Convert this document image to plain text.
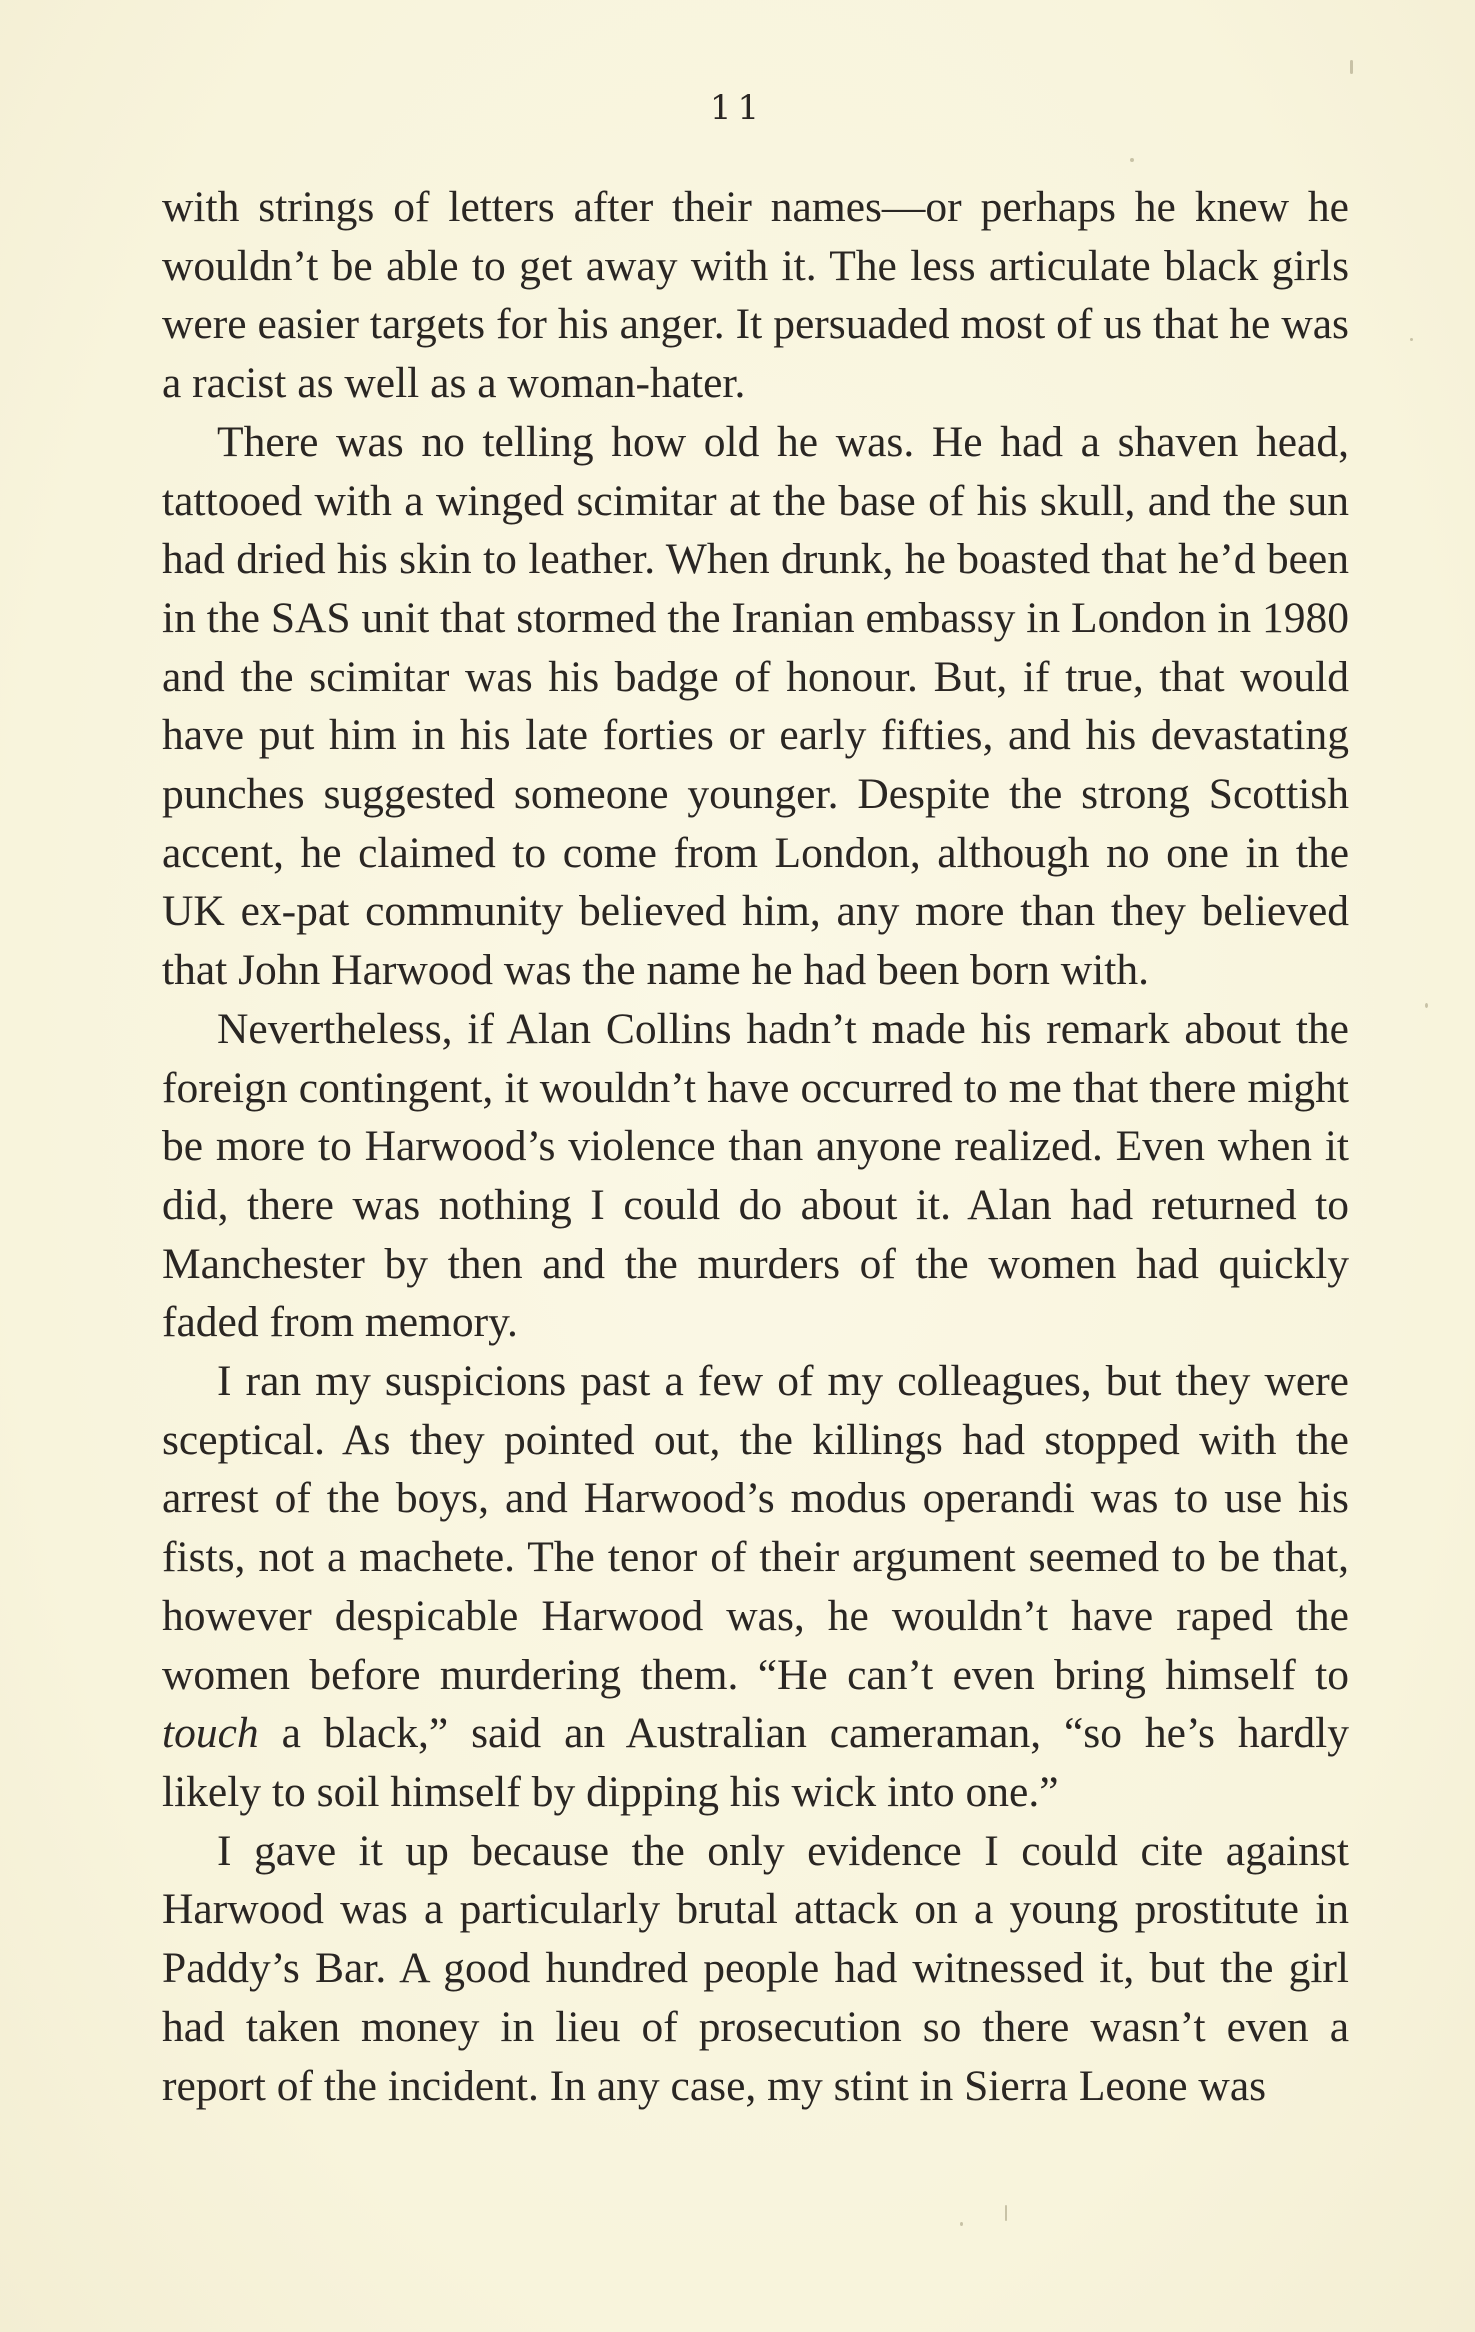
11

with strings of letters after their names—or perhaps he knew he wouldn’t be able to get away with it. The less articulate black girls were easier targets for his anger. It persuaded most of us that he was a racist as well as a woman-hater.

There was no telling how old he was. He had a shaven head, tattooed with a winged scimitar at the base of his skull, and the sun had dried his skin to leather. When drunk, he boasted that he’d been in the SAS unit that stormed the Iranian embassy in London in 1980 and the scimitar was his badge of honour. But, if true, that would have put him in his late forties or early fifties, and his devastating punches suggested someone younger. Despite the strong Scottish accent, he claimed to come from London, although no one in the UK ex-pat community believed him, any more than they believed that John Harwood was the name he had been born with.

Nevertheless, if Alan Collins hadn’t made his remark about the foreign contingent, it wouldn’t have occurred to me that there might be more to Harwood’s violence than anyone realized. Even when it did, there was nothing I could do about it. Alan had returned to Manchester by then and the murders of the women had quickly faded from memory.

I ran my suspicions past a few of my colleagues, but they were sceptical. As they pointed out, the killings had stopped with the arrest of the boys, and Harwood’s modus operandi was to use his fists, not a machete. The tenor of their argument seemed to be that, however despicable Harwood was, he wouldn’t have raped the women before murdering them. “He can’t even bring himself to touch a black,” said an Australian cameraman, “so he’s hardly likely to soil himself by dipping his wick into one.”

I gave it up because the only evidence I could cite against Harwood was a particularly brutal attack on a young prostitute in Paddy’s Bar. A good hundred people had witnessed it, but the girl had taken money in lieu of prosecution so there wasn’t even a report of the incident. In any case, my stint in Sierra Leone was
